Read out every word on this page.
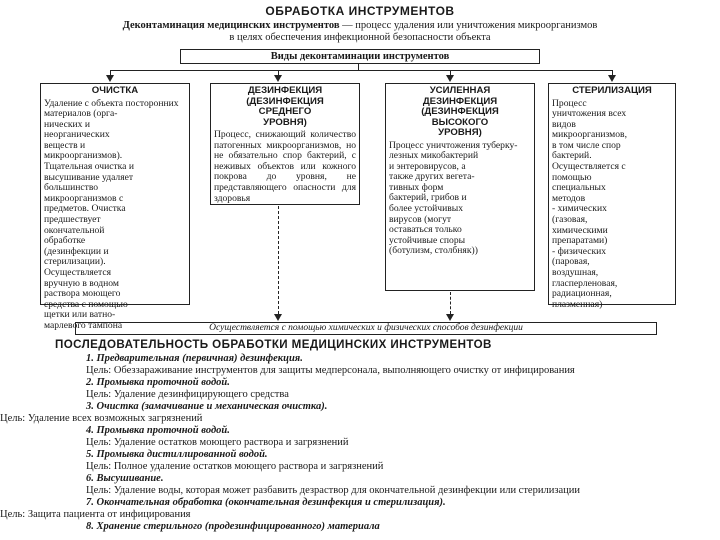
ОБРАБОТКА ИНСТРУМЕНТОВ
Деконтаминация медицинских инструментов — процесс удаления или уничтожения микроорганизмов в целях обеспечения инфекционной безопасности объекта
Виды деконтаминации инструментов
ОЧИСТКА
Удаление с объекта посторонних материалов (орга-
нических и
неорганических
веществ и
микроорганизмов).
Тщательная очистка и
высушивание удаляет
большинство
микроорганизмов с
предметов. Очистка
предшествует
окончательной
обработке
(дезинфекции и
стерилизации).
Осуществляется
вручную в водном
раствора моющего
средства с помощью
щетки или ватно-
марлевого тампона
ДЕЗИНФЕКЦИЯ
(ДЕЗИНФЕКЦИЯ
СРЕДНЕГО
УРОВНЯ)
Процесс, снижающий количество патогенных микроорганизмов, но не обязательно спор бактерий, с неживых объектов или кожного покрова до уровня, не представляющего опасности для здоровья
УСИЛЕННАЯ
ДЕЗИНФЕКЦИЯ
(ДЕЗИНФЕКЦИЯ
ВЫСОКОГО
УРОВНЯ)
Процесс уничтожения туберку-
лезных микобактерий
и энтеровирусов, а
также других вегета-
тивных форм
бактерий, грибов и
более устойчивых
вирусов (могут
оставаться только
устойчивые споры
(ботулизм, столбняк))
СТЕРИЛИЗАЦИЯ
Процесс
уничтожения всех
видов
микроорганизмов,
в том числе спор
бактерий.
Осуществляется с
помощью
специальных
методов
- химических
(газовая,
химическими
препаратами)
- физических
(паровая,
воздушная,
гласперленовая,
радиационная,
плазменная)
Осуществляется с помощью химических и физических способов дезинфекции
ПОСЛЕДОВАТЕЛЬНОСТЬ ОБРАБОТКИ МЕДИЦИНСКИХ ИНСТРУМЕНТОВ
1. Предварительная (первичная) дезинфекция.
Цель: Обеззараживание инструментов для защиты медперсонала, выполняющего очистку от инфицирования
2. Промывка проточной водой.
Цель: Удаление дезинфицирующего средства
3. Очистка (замачивание и механическая очистка).
Цель: Удаление всех возможных загрязнений
4. Промывка проточной водой.
Цель: Удаление остатков моющего раствора и загрязнений
5. Промывка дистиллированной водой.
Цель: Полное удаление остатков моющего раствора и загрязнений
6. Высушивание.
Цель: Удаление воды, которая может разбавить дезраствор для окончательной дезинфекции или стерилизации
7. Окончательная обработка (окончательная дезинфекция и стерилизация).
Цель: Защита пациента от инфицирования
8. Хранение стерильного (продезинфицированного) материала
